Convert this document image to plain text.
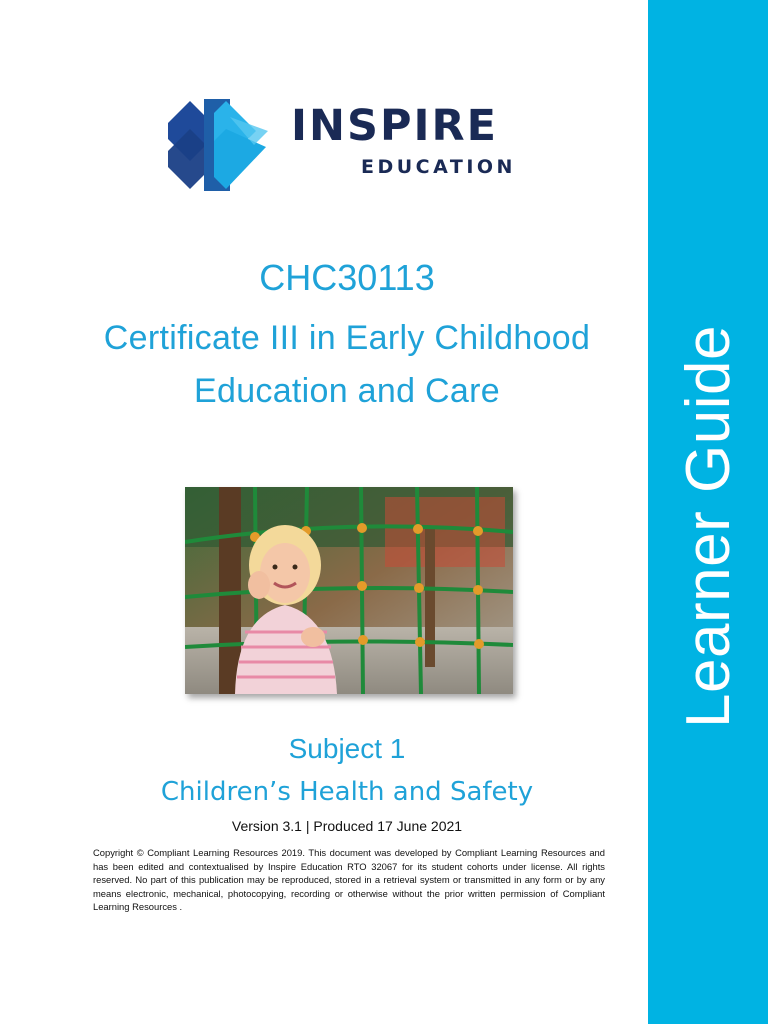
Learner Guide
INSPIRE
EDUCATION
CHC30113
Certificate III in Early Childhood Education and Care
Subject 1
Children’s Health and Safety
Version 3.1 | Produced 17 June 2021
Copyright © Compliant Learning Resources 2019. This document was developed by Compliant Learning Resources and has been edited and contextualised by Inspire Education RTO 32067 for its student cohorts under license. All rights reserved. No part of this publication may be reproduced, stored in a retrieval system or transmitted in any form or by any means electronic, mechanical, photocopying, recording or otherwise without the prior written permission of Compliant Learning Resources .
